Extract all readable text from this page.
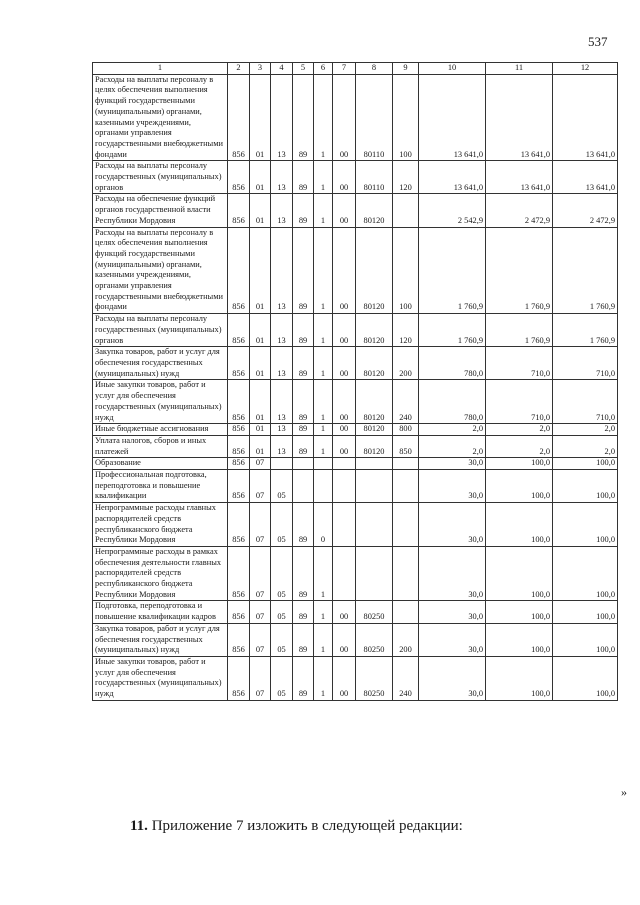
537
1	2	3	4	5	6	7	8	9	10	11	12
Расходы на выплаты персоналу в целях обеспечения выполнения функций государственными (муниципальными) органами, казенными учреждениями, органами управления государственными внебюджетными фондами	856	01	13	89	1	00	80110	100	13 641,0	13 641,0	13 641,0
Расходы на выплаты персоналу государственных (муниципальных) органов	856	01	13	89	1	00	80110	120	13 641,0	13 641,0	13 641,0
Расходы на обеспечение функций органов государственной власти Республики Мордовия	856	01	13	89	1	00	80120		2 542,9	2 472,9	2 472,9
Расходы на выплаты персоналу в целях обеспечения выполнения функций государственными (муниципальными) органами, казенными учреждениями, органами управления государственными внебюджетными фондами	856	01	13	89	1	00	80120	100	1 760,9	1 760,9	1 760,9
Расходы на выплаты персоналу государственных (муниципальных) органов	856	01	13	89	1	00	80120	120	1 760,9	1 760,9	1 760,9
Закупка товаров, работ и услуг для обеспечения государственных (муниципальных) нужд	856	01	13	89	1	00	80120	200	780,0	710,0	710,0
Иные закупки товаров, работ и услуг для обеспечения государственных (муниципальных) нужд	856	01	13	89	1	00	80120	240	780,0	710,0	710,0
Иные бюджетные ассигнования	856	01	13	89	1	00	80120	800	2,0	2,0	2,0
Уплата налогов, сборов и иных платежей	856	01	13	89	1	00	80120	850	2,0	2,0	2,0
Образование	856	07							30,0	100,0	100,0
Профессиональная подготовка, переподготовка и повышение квалификации	856	07	05						30,0	100,0	100,0
Непрограммные расходы главных распорядителей средств республиканского бюджета Республики Мордовия	856	07	05	89	0				30,0	100,0	100,0
Непрограммные расходы в рамках обеспечения деятельности главных распорядителей средств республиканского бюджета Республики Мордовия	856	07	05	89	1				30,0	100,0	100,0
Подготовка, переподготовка и повышение квалификации кадров	856	07	05	89	1	00	80250		30,0	100,0	100,0
Закупка товаров, работ и услуг для обеспечения государственных (муниципальных) нужд	856	07	05	89	1	00	80250	200	30,0	100,0	100,0
Иные закупки товаров, работ и услуг для обеспечения государственных (муниципальных) нужд	856	07	05	89	1	00	80250	240	30,0	100,0	100,0
»
11. Приложение 7 изложить в следующей редакции:
